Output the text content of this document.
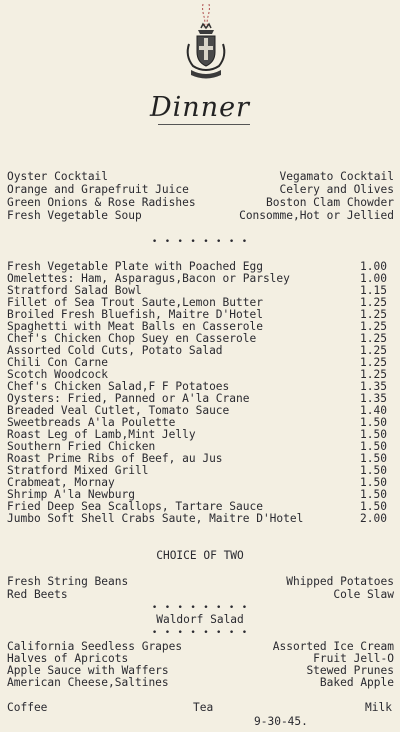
Dinner
Oyster Cocktail	Vegamato Cocktail
Orange and Grapefruit Juice	Celery and Olives
Green Onions & Rose Radishes	Boston Clam Chowder
Fresh Vegetable Soup	Consomme,Hot or Jellied
• • • • • • • •
Fresh Vegetable Plate with Poached Egg	1.00
Omelettes: Ham, Asparagus,Bacon or Parsley	1.00
Stratford Salad Bowl	1.15
Fillet of Sea Trout Saute,Lemon Butter	1.25
Broiled Fresh Bluefish, Maitre D'Hotel	1.25
Spaghetti with Meat Balls en Casserole	1.25
Chef's Chicken Chop Suey en Casserole	1.25
Assorted Cold Cuts, Potato Salad	1.25
Chili Con Carne	1.25
Scotch Woodcock	1.25
Chef's Chicken Salad,F F Potatoes	1.35
Oysters: Fried, Panned or A'la Crane	1.35
Breaded Veal Cutlet, Tomato Sauce	1.40
Sweetbreads A'la Poulette	1.50
Roast Leg of Lamb,Mint Jelly	1.50
Southern Fried Chicken	1.50
Roast Prime Ribs of Beef, au Jus	1.50
Stratford Mixed Grill	1.50
Crabmeat, Mornay	1.50
Shrimp A'la Newburg	1.50
Fried Deep Sea Scallops, Tartare Sauce	1.50
Jumbo Soft Shell Crabs Saute, Maitre D'Hotel	2.00
CHOICE OF TWO
Fresh String Beans	Whipped Potatoes
Red Beets	Cole Slaw
• • • • • • • •
Waldorf Salad
• • • • • • • •
California Seedless Grapes	Assorted Ice Cream
Halves of Apricots	Fruit Jell-O
Apple Sauce with Waffers	Stewed Prunes
American Cheese,Saltines	Baked Apple
Coffee	Tea	Milk
9-30-45.
